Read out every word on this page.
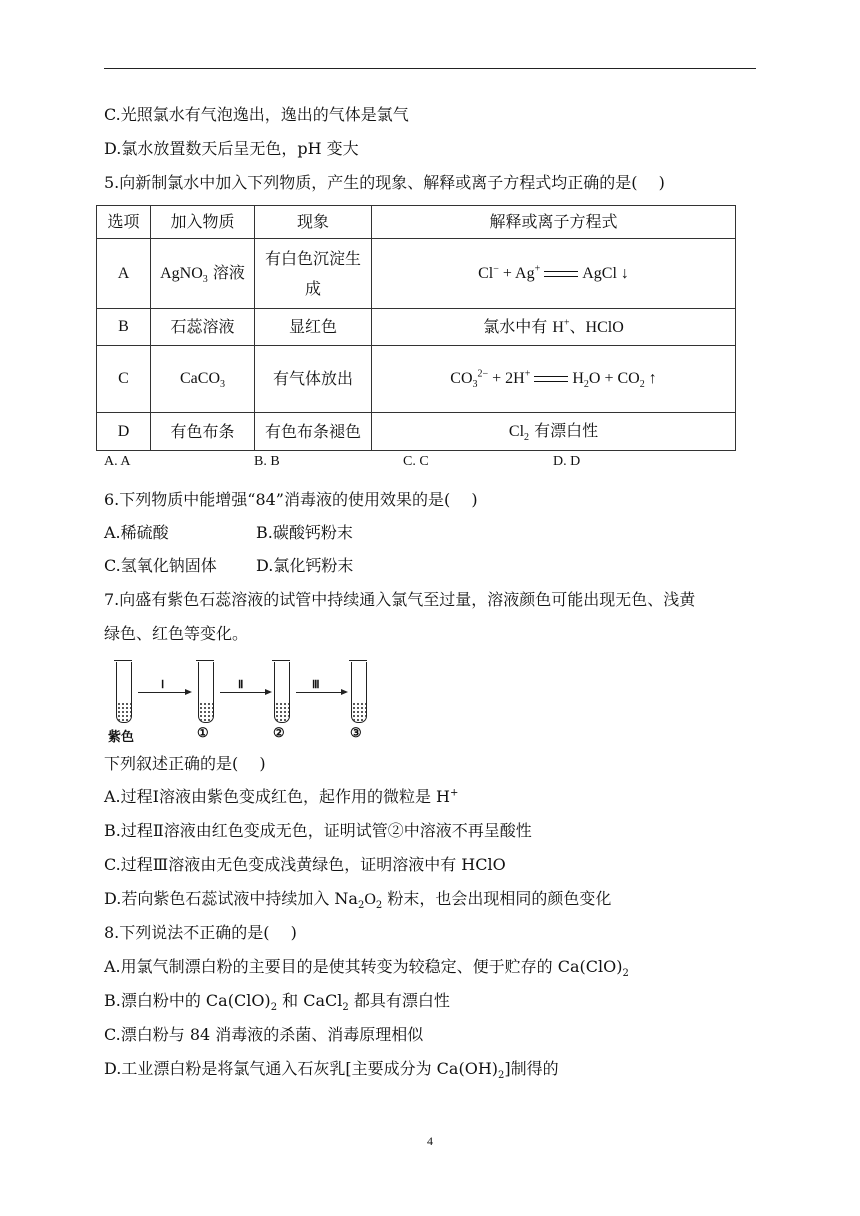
C.光照氯水有气泡逸出，逸出的气体是氯气
D.氯水放置数天后呈无色，pH 变大
5.向新制氯水中加入下列物质，产生的现象、解释或离子方程式均正确的是(　 )
选项	加入物质	现象	解释或离子方程式
A	AgNO$_3$ 溶液	有白色沉淀生成	Cl− + Ag+ AgCl ↓
B	石蕊溶液	显红色	氯水中有 H+、HClO
C	CaCO$_3$	有气体放出	$CO_3^{2-} + 2H^+$ $H_2O + CO_2$ ↑
D	有色布条	有色布条褪色	$Cl_2$ 有漂白性
A. A	B. B	C. C	D. D
6.下列物质中能增强“84”消毒液的使用效果的是(　 )
A.稀硫酸	B.碳酸钙粉末
C.氢氧化钠固体 D.氯化钙粉末
7.向盛有紫色石蕊溶液的试管中持续通入氯气至过量，溶液颜色可能出现无色、浅黄
绿色、红色等变化。
Ⅰ	Ⅱ	Ⅲ
紫色	①	②	③
下列叙述正确的是(　 )
A.过程Ⅰ溶液由紫色变成红色，起作用的微粒是 H+
B.过程Ⅱ溶液由红色变成无色，证明试管②中溶液不再呈酸性
C.过程Ⅲ溶液由无色变成浅黄绿色，证明溶液中有 HClO
D.若向紫色石蕊试液中持续加入 $Na_2O_2$ 粉末，也会出现相同的颜色变化
8.下列说法不正确的是(　 )
A.用氯气制漂白粉的主要目的是使其转变为较稳定、便于贮存的 $Ca(ClO)_2$
B.漂白粉中的 $Ca(ClO)_2$ 和 CaCl$_2$ 都具有漂白性
C.漂白粉与 84 消毒液的杀菌、消毒原理相似
D.工业漂白粉是将氯气通入石灰乳[主要成分为 $Ca(OH)_2$]制得的
4
